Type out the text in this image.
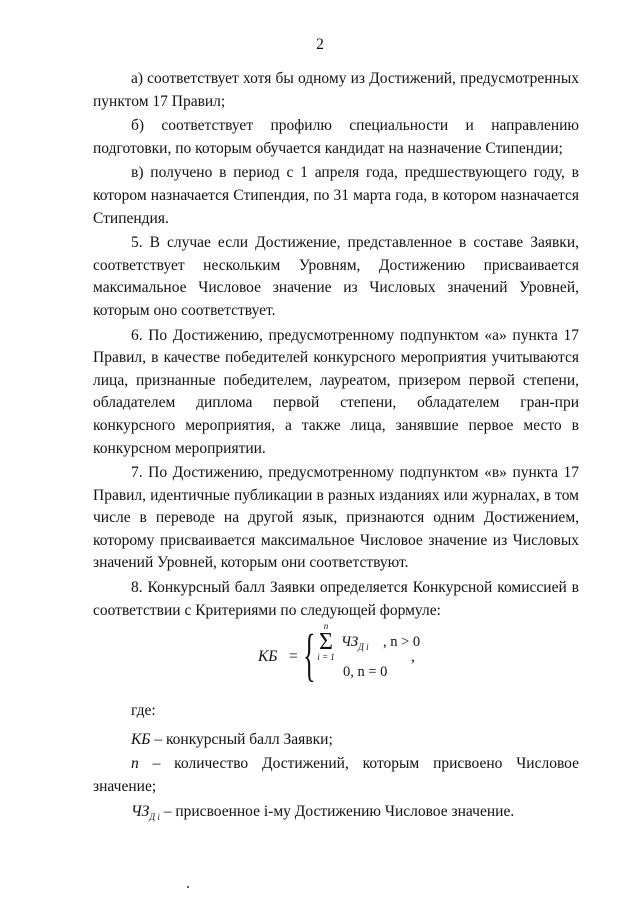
2

а) соответствует хотя бы одному из Достижений, предусмотренных пунктом 17 Правил;

б) соответствует профилю специальности и направлению подготовки, по которым обучается кандидат на назначение Стипендии;

в) получено в период с 1 апреля года, предшествующего году, в котором назначается Стипендия, по 31 марта года, в котором назначается Стипендия.

5. В случае если Достижение, представленное в составе Заявки, соответствует нескольким Уровням, Достижению присваивается максимальное Числовое значение из Числовых значений Уровней, которым оно соответствует.

6. По Достижению, предусмотренному подпунктом «а» пункта 17 Правил, в качестве победителей конкурсного мероприятия учитываются лица, признанные победителем, лауреатом, призером первой степени, обладателем диплома первой степени, обладателем гран-при конкурсного мероприятия, а также лица, занявшие первое место в конкурсном мероприятии.

7. По Достижению, предусмотренному подпунктом «в» пункта 17 Правил, идентичные публикации в разных изданиях или журналах, в том числе в переводе на другой язык, признаются одним Достижением, которому присваивается максимальное Числовое значение из Числовых значений Уровней, которым они соответствуют.

8. Конкурсный балл Заявки определяется Конкурсной комиссией в соответствии с Критериями по следующей формуле:

КБ = { n
Σ
i = 1
$ЧЗ_{Д i}$ , n > 0
0, n = 0
,

где:

КБ – конкурсный балл Заявки;

n – количество Достижений, которым присвоено Числовое значение;

$ЧЗ_{Д i}$ – присвоенное i-му Достижению Числовое значение.
